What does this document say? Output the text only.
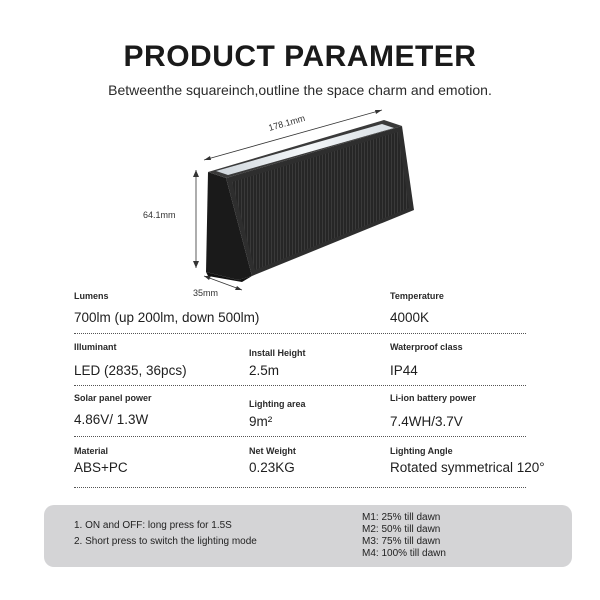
PRODUCT PARAMETER
Betweenthe squareinch,outline the space charm and emotion.
178.1mm
64.1mm
35mm
Lumens
700lm (up 200lm, down 500lm)
Temperature
4000K
Illuminant
LED (2835, 36pcs)
Install Height
2.5m
Waterproof class
IP44
Solar panel power
4.86V/ 1.3W
Lighting area
9m²
Li-ion battery power
7.4WH/3.7V
Material
ABS+PC
Net Weight
0.23KG
Lighting Angle
Rotated symmetrical 120°
1. ON and OFF: long press for 1.5S
2. Short press to switch the lighting mode
M1: 25% till dawn
M2: 50% till dawn
M3: 75% till dawn
M4: 100% till dawn
